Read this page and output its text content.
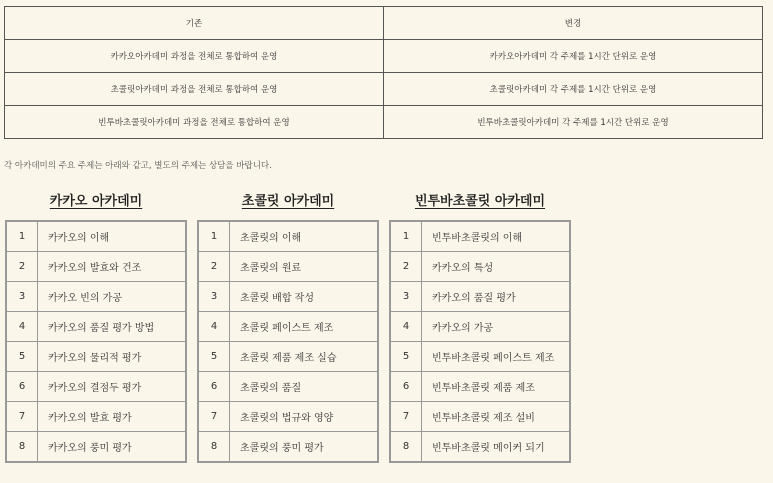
기존	변경
카카오아카데미 과정을 전체로 통합하여 운영	카카오아카데미 각 주제를 1시간 단위로 운영
초콜릿아카데미 과정을 전체로 통합하여 운영	초콜릿아카데미 각 주제를 1시간 단위로 운영
빈투바초콜릿아카데미 과정을 전체로 통합하여 운영	빈투바초콜릿아카데미 각 주제를 1시간 단위로 운영
각 아카데미의 주요 주제는 아래와 같고, 별도의 주제는 상담을 바랍니다.
카카오 아카데미
1	카카오의 이해
2	카카오의 발효와 건조
3	카카오 빈의 가공
4	카카오의 품질 평가 방법
5	카카오의 물리적 평가
6	카카오의 결점두 평가
7	카카오의 발효 평가
8	카카오의 풍미 평가
초콜릿 아카데미
1	초콜릿의 이해
2	초콜릿의 원료
3	초콜릿 배합 작성
4	초콜릿 페이스트 제조
5	초콜릿 제품 제조 실습
6	초콜릿의 품질
7	초콜릿의 법규와 영양
8	초콜릿의 풍미 평가
빈투바초콜릿 아카데미
1	빈투바초콜릿의 이해
2	카카오의 특성
3	카카오의 품질 평가
4	카카오의 가공
5	빈투바초콜릿 페이스트 제조
6	빈투바초콜릿 제품 제조
7	빈투바초콜릿 제조 설비
8	빈투바초콜릿 메이커 되기
